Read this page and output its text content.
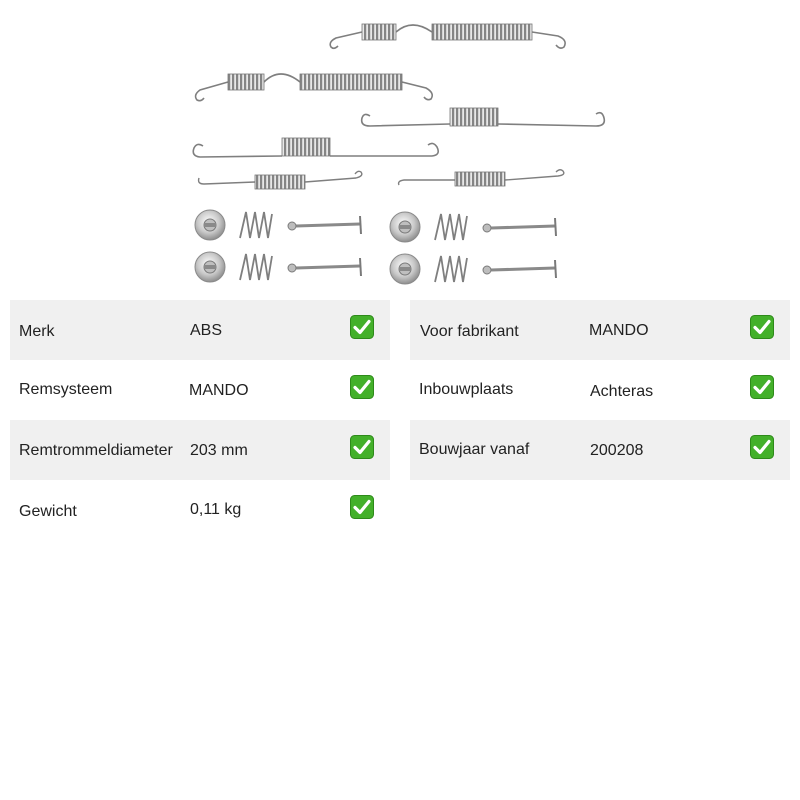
Merk	ABS
Remsysteem	MANDO
Remtrommeldiameter 203 mm
Gewicht	0,11 kg
Voor fabrikant	MANDO
Inbouwplaats	Achteras
Bouwjaar vanaf	200208
